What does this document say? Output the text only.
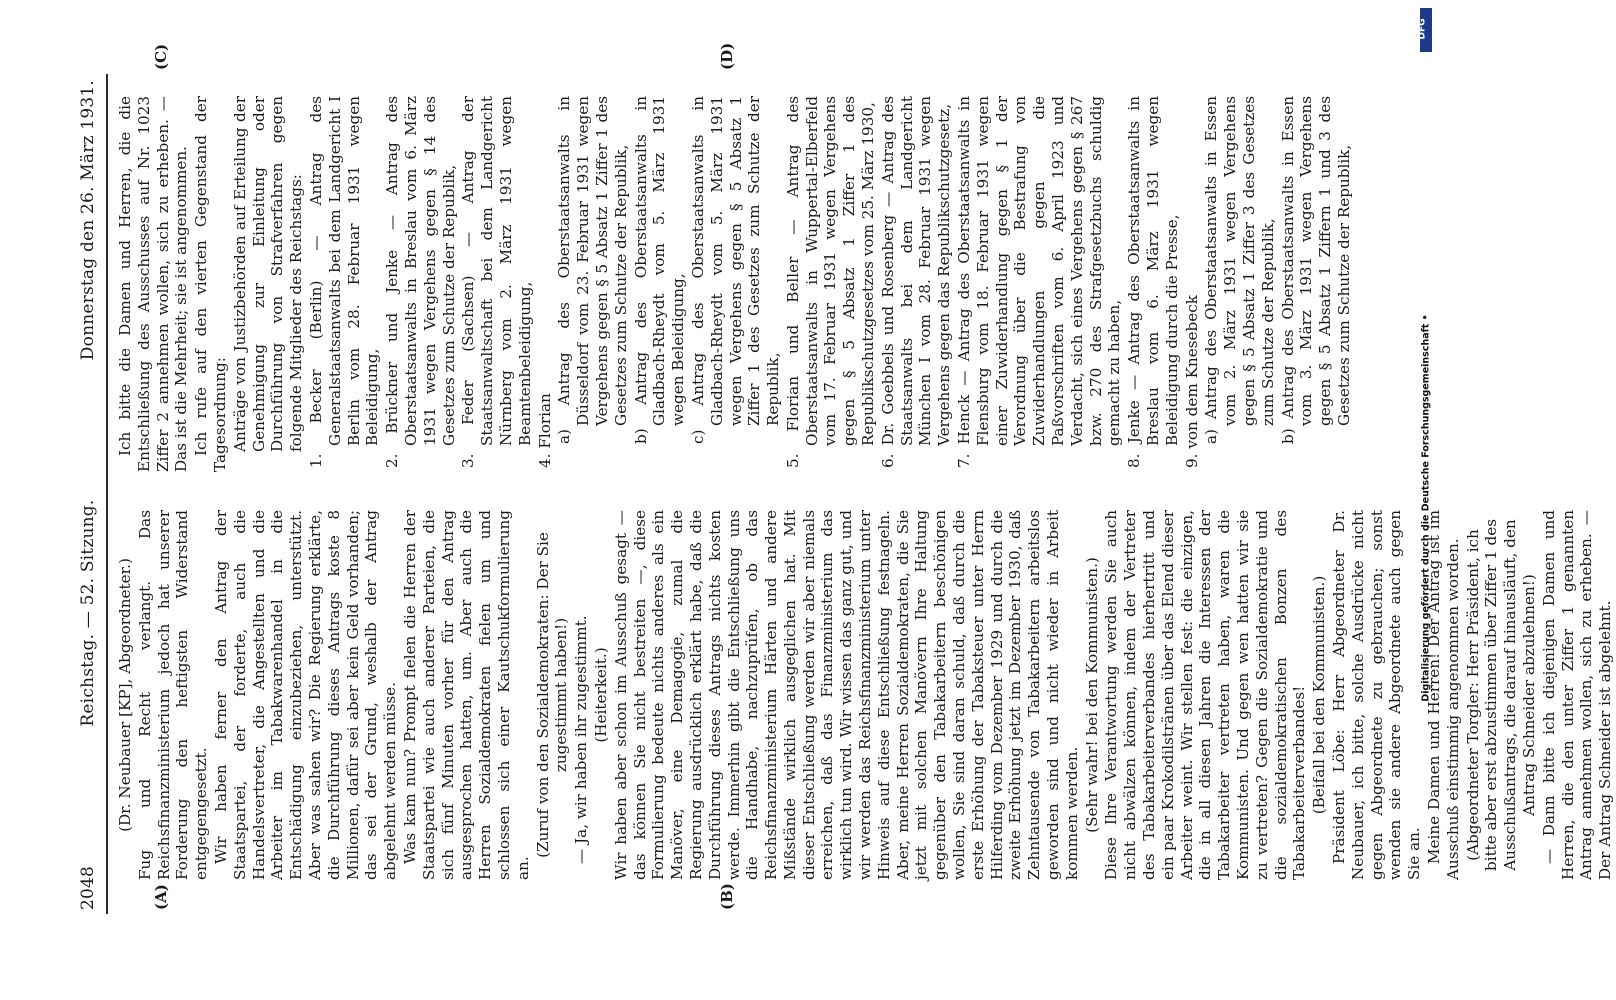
2048
Reichstag. — 52. Sitzung.
Donnerstag den 26. März 1931.
(A)	(B)
(C)	(D)

(Dr. Neubauer [KP], Abgeordneter.) Fug und Recht verlangt. Das Reichsfinanzministerium jedoch hat unserer Forderung den heftigsten Widerstand entgegengesetzt. Wir haben ferner den Antrag der Staatspartei, der forderte, auch die Handelsvertreter, die Angestellten und die Arbeiter im Tabakwarenhandel in die Entschädigung einzubeziehen, unterstützt. Aber was sahen wir? Die Regierung erklärte, die Durchführung dieses Antrags koste 8 Millionen, dafür sei aber kein Geld vorhanden; das sei der Grund, weshalb der Antrag abgelehnt werden müsse. Was kam nun? Prompt fielen die Herren der Staatspartei wie auch anderer Parteien, die sich fünf Minuten vorher für den Antrag ausgesprochen hatten, um. Aber auch die Herren Sozialdemokraten fielen um und schlossen sich einer Kautschukformulierung an.

(Zuruf von den Sozialdemokraten: Der Sie zugestimmt haben!) — Ja, wir haben ihr zugestimmt. (Heiterkeit.) Wir haben aber schon im Ausschuß gesagt — das können Sie nicht bestreiten —, diese Formulierung bedeute nichts anderes als ein Manöver, eine Demagogie, zumal die Regierung ausdrücklich erklärt habe, daß die Durchführung dieses Antrags nichts kosten werde. Immerhin gibt die Entschließung uns die Handhabe, nachzuprüfen, ob das Reichsfinanzministerium Härten und andere Mißstände wirklich ausgeglichen hat. Mit dieser Entschließung werden wir aber niemals erreichen, daß das Finanzministerium das wirklich tun wird. Wir wissen das ganz gut, und wir werden das Reichsfinanzministerium unter Hinweis auf diese Entschließung festnageln. Aber, meine Herren Sozialdemokraten, die Sie jetzt mit solchen Manövern Ihre Haltung gegenüber den Tabakarbeitern beschönigen wollen, Sie sind daran schuld, daß durch die erste Erhöhung der Tabaksteuer unter Herrn Hilferding vom Dezember 1929 und durch die zweite Erhöhung jetzt im Dezember 1930, daß Zehntausende von Tabakarbeitern arbeitslos geworden sind und nicht wieder in Arbeit kommen werden. (Sehr wahr! bei den Kommunisten.) Diese Ihre Verantwortung werden Sie auch nicht abwälzen können, indem der Vertreter des Tabakarbeiterverbandes hierhertritt und ein paar Krokodilstränen über das Elend dieser Arbeiter weint. Wir stellen fest: die einzigen, die in all diesen Jahren die Interessen der Tabakarbeiter vertreten haben, waren die Kommunisten. Und gegen wen hatten wir sie zu vertreten? Gegen die Sozialdemokratie und die sozialdemokratischen Bonzen des Tabakarbeiterverbandes! (Beifall bei den Kommunisten.) Präsident Löbe: Herr Abgeordneter Dr. Neubauer, ich bitte, solche Ausdrücke nicht gegen Abgeordnete zu gebrauchen; sonst wenden sie andere Abgeordnete auch gegen Sie an. Meine Damen und Herren! Der Antrag ist im Ausschuß einstimmig angenommen worden. (Abgeordneter Torgler: Herr Präsident, ich bitte aber erst abzustimmen über Ziffer 1 des Ausschußantrags, die darauf hinausläuft, den Antrag Schneider abzulehnen!) — Dann bitte ich diejenigen Damen und Herren, die den unter Ziffer 1 genannten Antrag annehmen wollen, sich zu erheben. — Der Antrag Schneider ist abgelehnt.

Ich bitte die Damen und Herren, die die Entschließung des Ausschusses auf Nr. 1023 Ziffer 2 annehmen wollen, sich zu erheben. — Das ist die Mehrheit; sie ist angenommen. Ich rufe auf den vierten Gegenstand der Tagesordnung: Anträge von Justizbehörden auf Erteilung der Genehmigung zur Einleitung oder Durchführung von Strafverfahren gegen folgende Mitglieder des Reichstags: 1. Becker (Berlin) — Antrag des Generalstaatsanwalts bei dem Landgericht I Berlin vom 28. Februar 1931 wegen Beleidigung, 2. Brückner und Jenke — Antrag des Oberstaatsanwalts in Breslau vom 6. März 1931 wegen Vergehens gegen § 14 des Gesetzes zum Schutze der Republik, 3. Feder (Sachsen) — Antrag der Staatsanwaltschaft bei dem Landgericht Nürnberg vom 2. März 1931 wegen Beamtenbeleidigung, 4. Florian a) Antrag des Oberstaatsanwalts in Düsseldorf vom 23. Februar 1931 wegen Vergehens gegen § 5 Absatz 1 Ziffer 1 des Gesetzes zum Schutze der Republik, b) Antrag des Oberstaatsanwalts in Gladbach-Rheydt vom 5. März 1931 wegen Beleidigung, c) Antrag des Oberstaatsanwalts in Gladbach-Rheydt vom 5. März 1931 wegen Vergehens gegen § 5 Absatz 1 Ziffer 1 des Gesetzes zum Schutze der Republik, 5. Florian und Beller — Antrag des Oberstaatsanwalts in Wuppertal-Elberfeld vom 17. Februar 1931 wegen Vergehens gegen § 5 Absatz 1 Ziffer 1 des Republikschutzgesetzes vom 25. März 1930, 6. Dr. Goebbels und Rosenberg — Antrag des Staatsanwalts bei dem Landgericht München I vom 28. Februar 1931 wegen Vergehens gegen das Republikschutzgesetz, 7. Henck — Antrag des Oberstaatsanwalts in Flensburg vom 18. Februar 1931 wegen einer Zuwiderhandlung gegen § 1 der Verordnung über die Bestrafung von Zuwiderhandlungen gegen die Paßvorschriften vom 6. April 1923 und Verdacht, sich eines Vergehens gegen § 267 bzw. 270 des Strafgesetzbuchs schuldig gemacht zu haben, 8. Jenke — Antrag des Oberstaatsanwalts in Breslau vom 6. März 1931 wegen Beleidigung durch die Presse, 9. von dem Knesebeck a) Antrag des Oberstaatsanwalts in Essen vom 2. März 1931 wegen Vergehens gegen § 5 Absatz 1 Ziffer 3 des Gesetzes zum Schutze der Republik, b) Antrag des Oberstaatsanwalts in Essen vom 3. März 1931 wegen Vergehens gegen § 5 Absatz 1 Ziffern 1 und 3 des Gesetzes zum Schutze der Republik,

DFG
Digitalisierung gefördert durch die Deutsche Forschungsgemeinschaft •
